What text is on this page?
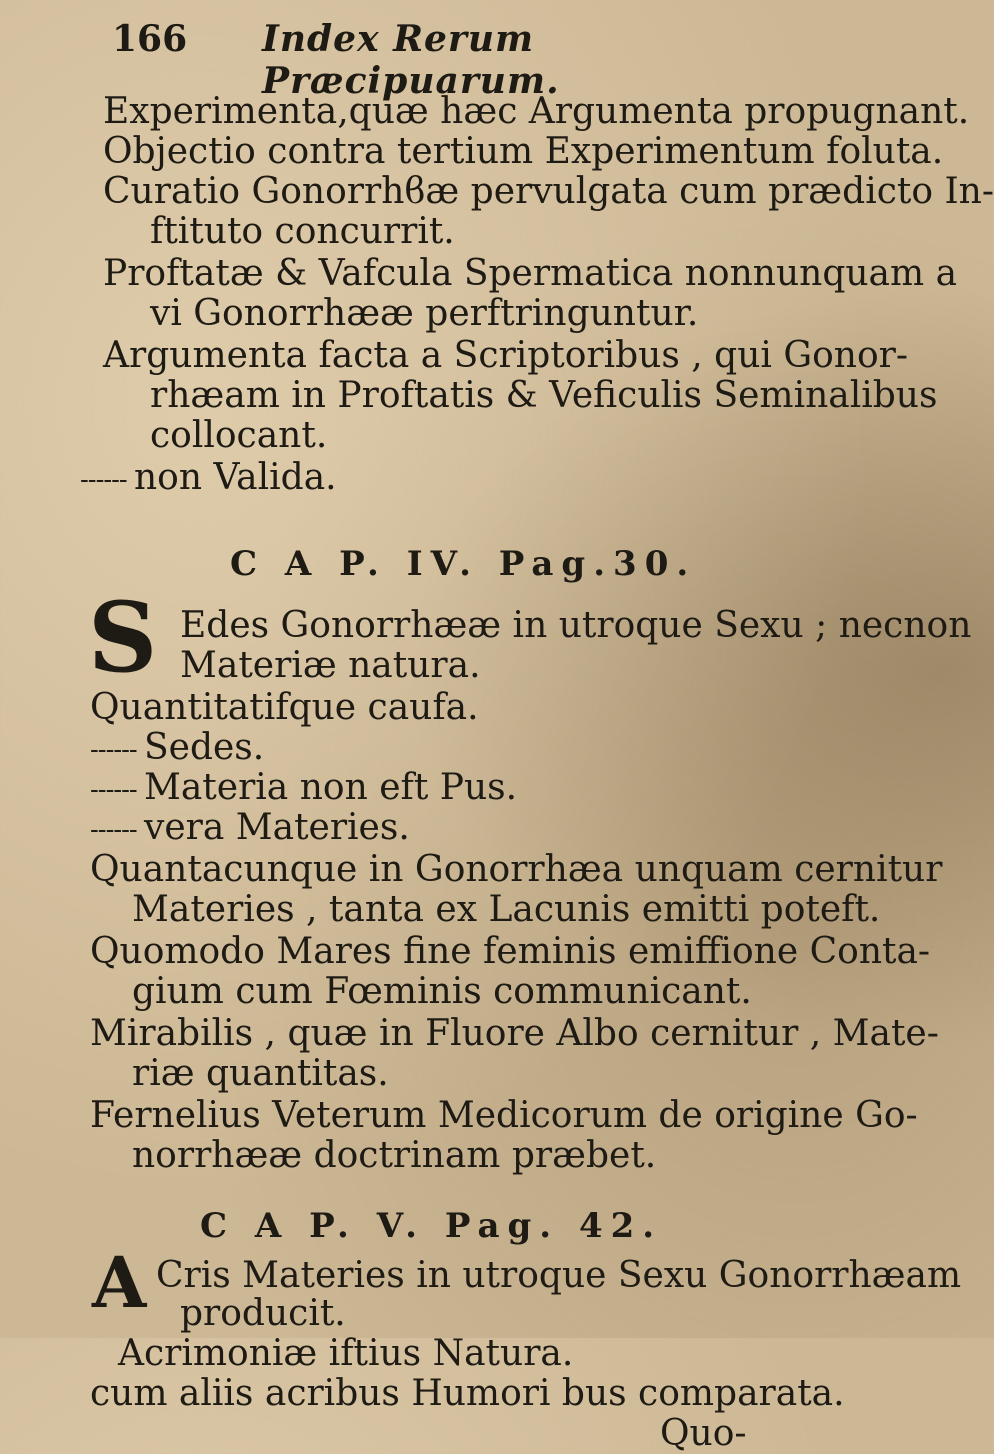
166 Index Rerum Præcipuarum.
Experimenta,quæ hæc Argumenta propugnant.
Objectio contra tertium Experimentum foluta.
Curatio Gonorrhϐæ pervulgata cum prædicto In-
ftituto concurrit.
Proftatæ & Vafcula Spermatica nonnunquam a
vi Gonorrhææ perftringuntur.
Argumenta facta a Scriptoribus , qui Gonor-
rhæam in Proftatis & Veficulis Seminalibus
collocant.
------ non Valida.
C A P. IV. Pag.30.
S Edes Gonorrhææ in utroque Sexu ; necnon
Materiæ natura.
Quantitatifque caufa.
------ Sedes.
------ Materia non eft Pus.
------ vera Materies.
Quantacunque in Gonorrhæa unquam cernitur
Materies , tanta ex Lacunis emitti poteft.
Quomodo Mares fine feminis emiffione Conta-
gium cum Fœminis communicant.
Mirabilis , quæ in Fluore Albo cernitur , Mate-
riæ quantitas.
Fernelius Veterum Medicorum de origine Go-
norrhææ doctrinam præbet.
C A P. V. Pag. 42.
A Cris Materies in utroque Sexu Gonorrhæam
producit.
Acrimoniæ iftius Natura.
cum aliis acribus Humori bus comparata.
Quo-
